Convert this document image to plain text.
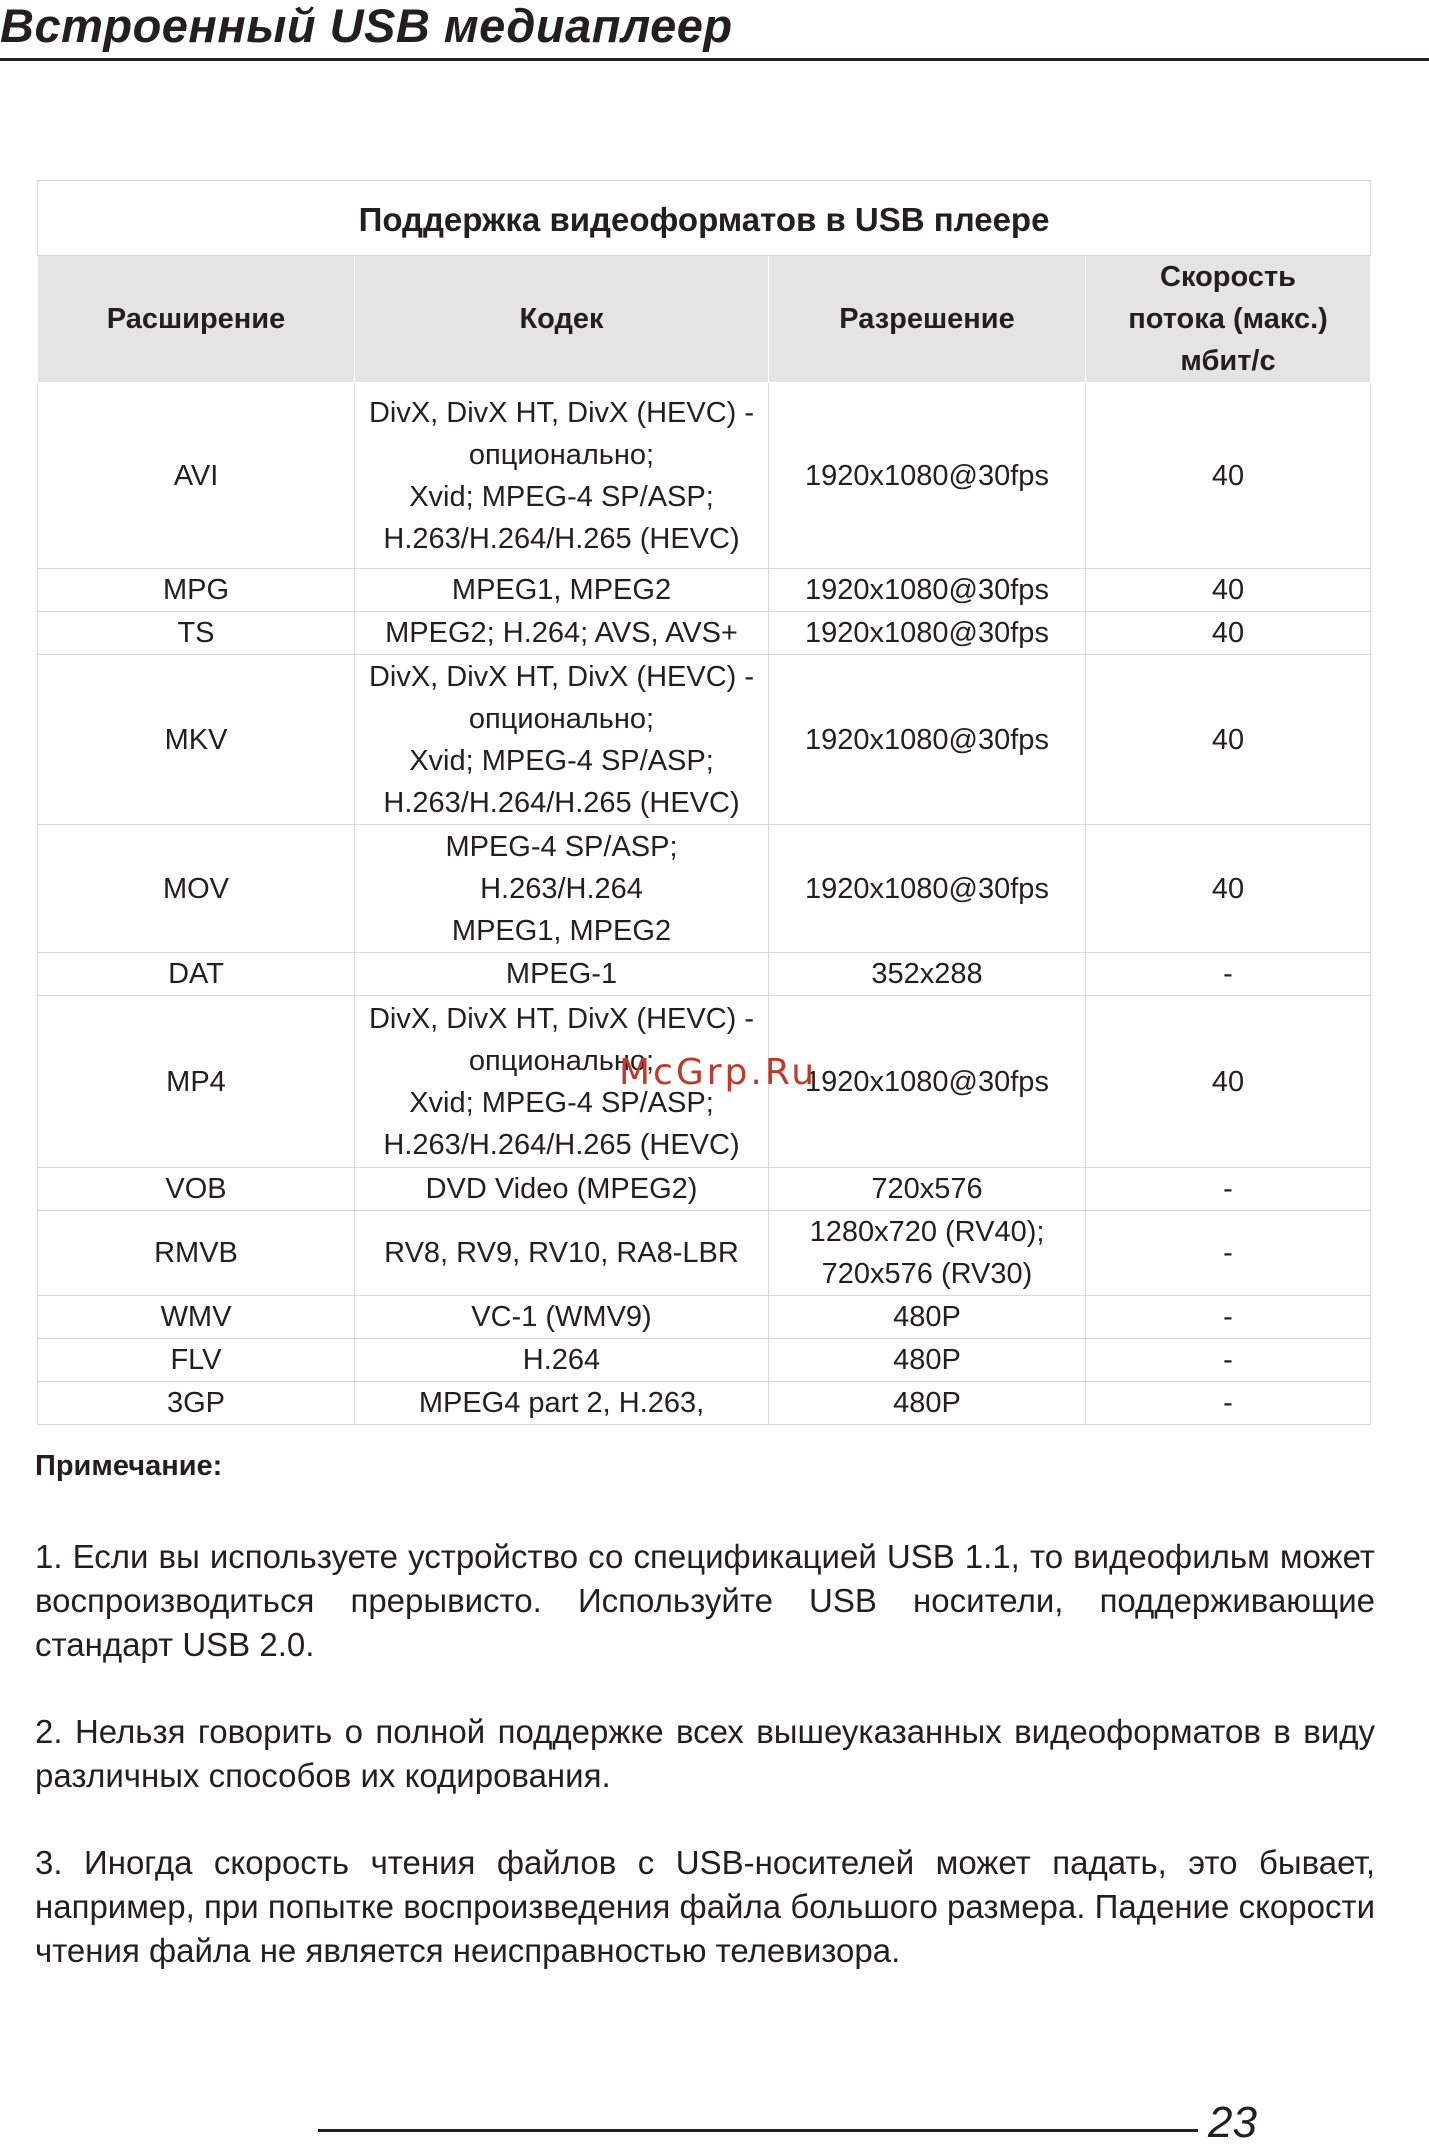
Встроенный USB медиаплеер
Поддержка видеоформатов в USB плеере			
Расширение	Кодек	Разрешение	Скорость потока (макс.) мбит/с
AVI	DivX, DivX HT, DivX (HEVC) -
опционально;
Xvid; MPEG-4 SP/ASP;
H.263/H.264/H.265 (HEVC)	1920x1080@30fps	40
MPG	MPEG1, MPEG2	1920x1080@30fps	40
TS	MPEG2; H.264; AVS, AVS+	1920x1080@30fps	40
MKV	DivX, DivX HT, DivX (HEVC) -
опционально;
Xvid; MPEG-4 SP/ASP;
H.263/H.264/H.265 (HEVC)	1920x1080@30fps	40
MOV	MPEG-4 SP/ASP;
H.263/H.264
MPEG1, MPEG2	1920x1080@30fps	40
DAT	MPEG-1	352x288	-
MP4	DivX, DivX HT, DivX (HEVC) -
опционально;
Xvid; MPEG-4 SP/ASP;
H.263/H.264/H.265 (HEVC)	1920x1080@30fps	40
VOB	DVD Video (MPEG2)	720x576	-
RMVB	RV8, RV9, RV10, RA8-LBR	1280x720 (RV40);
720x576 (RV30)	-
WMV	VC-1 (WMV9)	480P	-
FLV	H.264	480P	-
3GP	MPEG4 part 2, H.263,	480P	-
McGrp.Ru

Примечание:

1. Если вы используете устройство со спецификацией USB 1.1, то видеофильм может воспроизводиться прерывисто. Используйте USB носители, поддерживающие стандарт USB 2.0.

2. Нельзя говорить о полной поддержке всех вышеуказанных видеоформатов в виду различных способов их кодирования.

3. Иногда скорость чтения файлов с USB-носителей может падать, это бывает, например, при попытке воспроизведения файла большого размера. Падение скорости чтения файла не является неисправностью телевизора.

23
